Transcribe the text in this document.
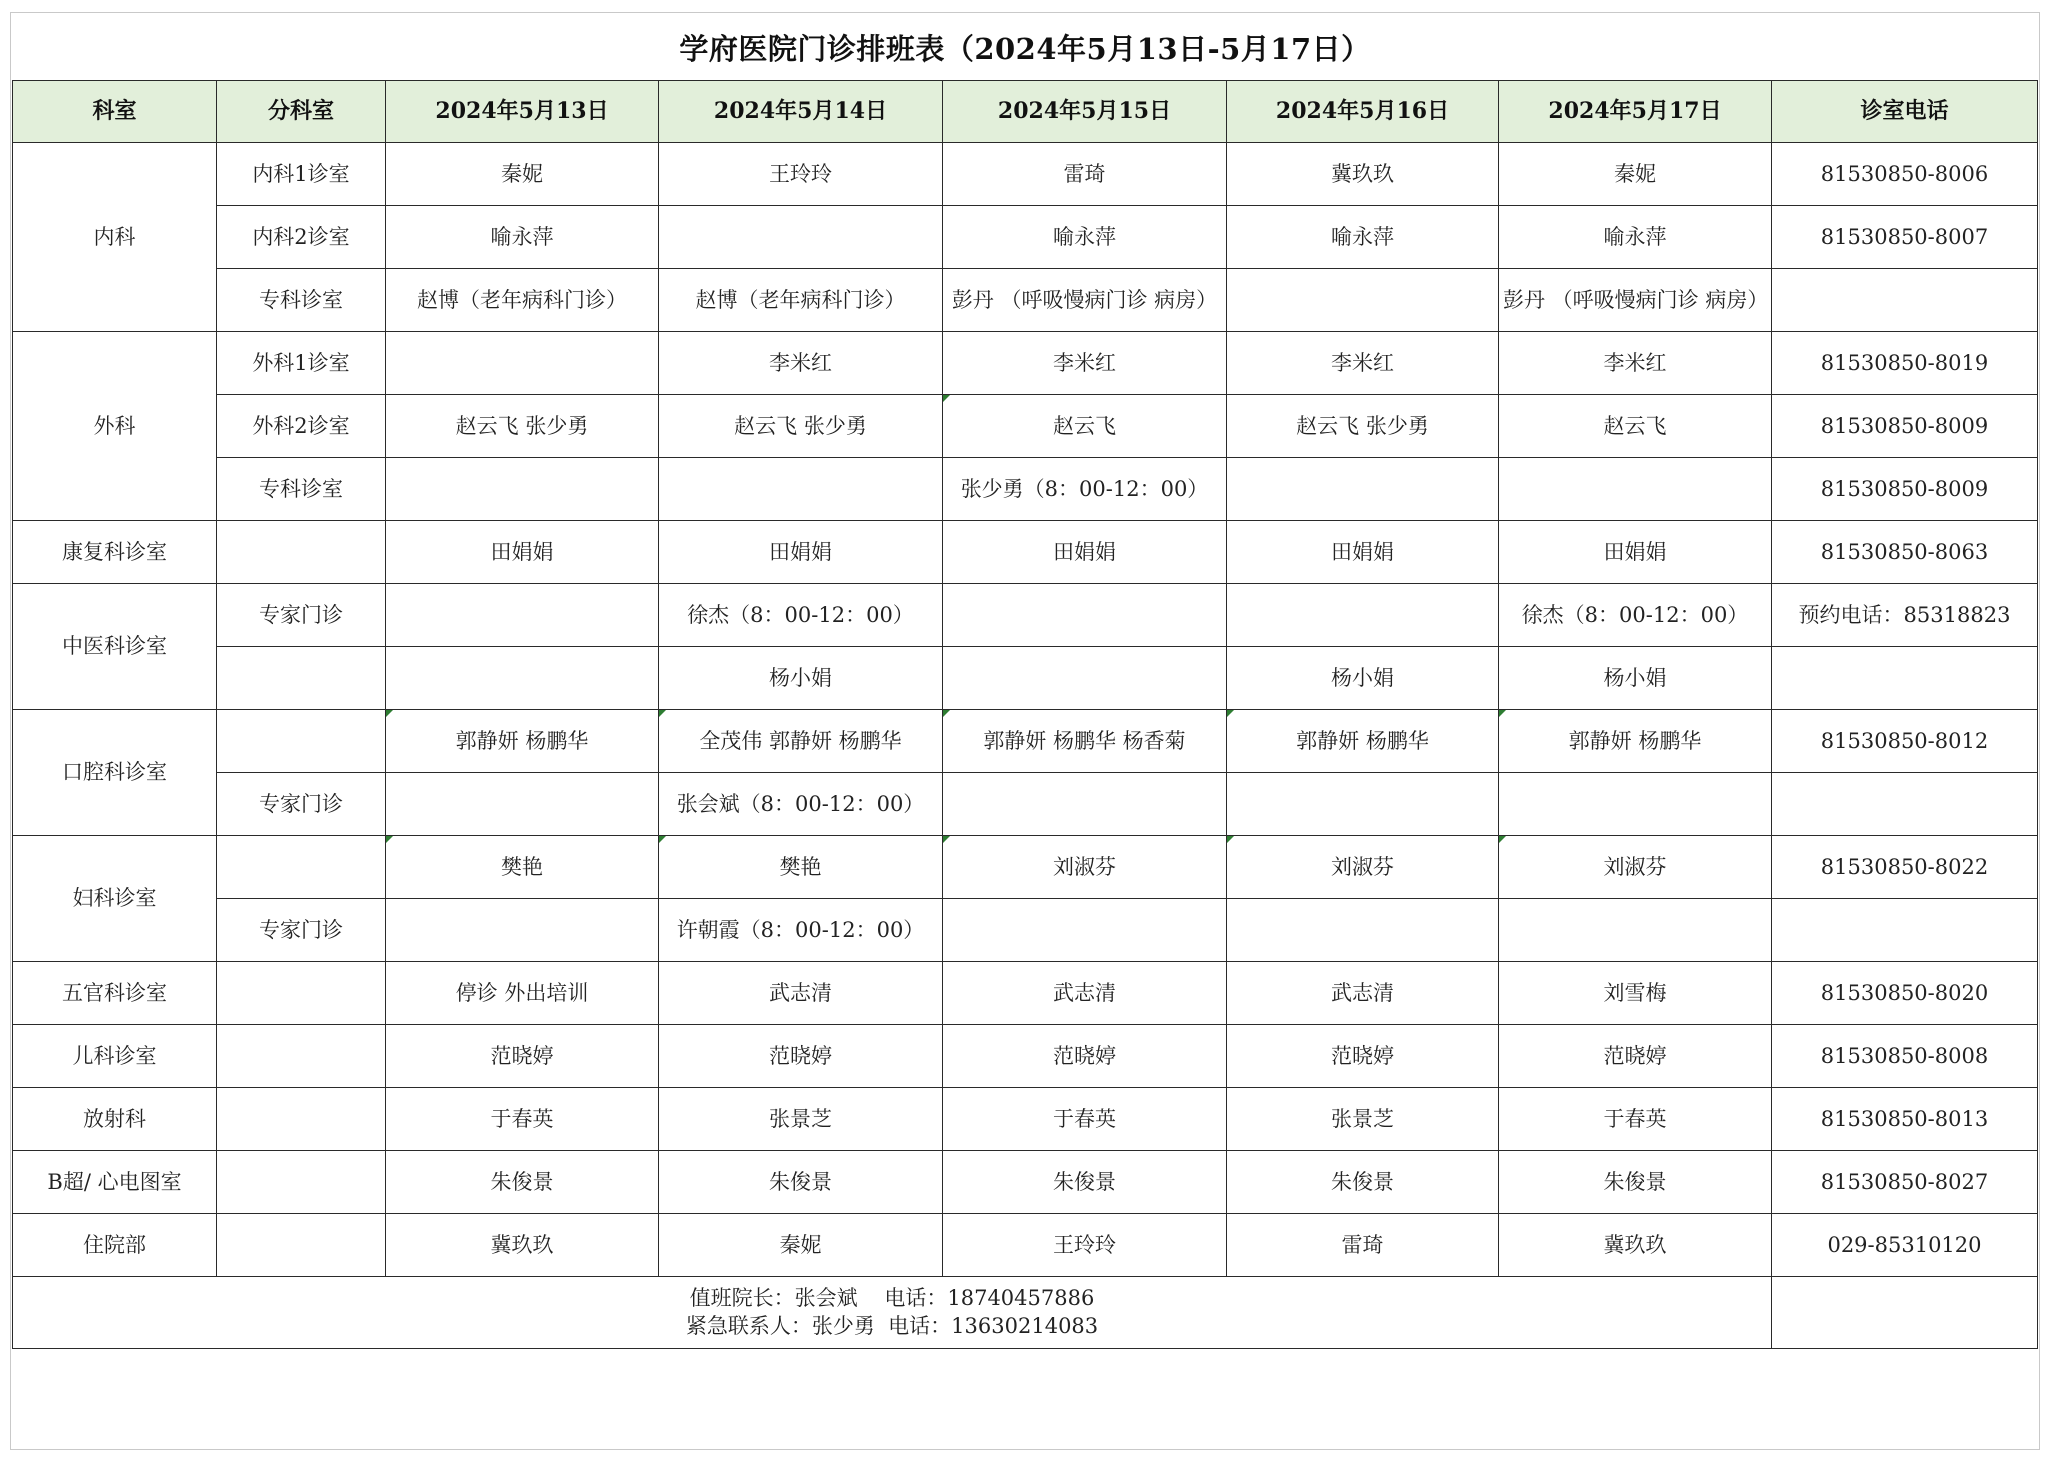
学府医院门诊排班表（2024年5月13日-5月17日）
科室	分科室	2024年5月13日	2024年5月14日	2024年5月15日	2024年5月16日	2024年5月17日	诊室电话
内科	内科1诊室	秦妮	王玲玲	雷琦	冀玖玖	秦妮	81530850-8006
	内科2诊室	喻永萍		喻永萍	喻永萍	喻永萍	81530850-8007
	专科诊室	赵博（老年病科门诊）	赵博（老年病科门诊）	彭丹 （呼吸慢病门诊 病房）		彭丹 （呼吸慢病门诊 病房）	
外科	外科1诊室		李米红	李米红	李米红	李米红	81530850-8019
	外科2诊室	赵云飞 张少勇	赵云飞 张少勇	赵云飞	赵云飞 张少勇	赵云飞	81530850-8009
	专科诊室			张少勇（8：00-12：00）			81530850-8009
康复科诊室		田娟娟	田娟娟	田娟娟	田娟娟	田娟娟	81530850-8063
中医科诊室	专家门诊		徐杰（8：00-12：00）			徐杰（8：00-12：00）	预约电话：85318823
			杨小娟		杨小娟	杨小娟	
口腔科诊室		郭静妍 杨鹏华	全茂伟 郭静妍 杨鹏华	郭静妍 杨鹏华 杨香菊	郭静妍 杨鹏华	郭静妍 杨鹏华	81530850-8012
	专家门诊		张会斌（8：00-12：00）				
妇科诊室		樊艳	樊艳	刘淑芬	刘淑芬	刘淑芬	81530850-8022
	专家门诊		许朝霞（8：00-12：00）				
五官科诊室		停诊 外出培训	武志清	武志清	武志清	刘雪梅	81530850-8020
儿科诊室		范晓婷	范晓婷	范晓婷	范晓婷	范晓婷	81530850-8008
放射科		于春英	张景芝	于春英	张景芝	于春英	81530850-8013
B超/ 心电图室		朱俊景	朱俊景	朱俊景	朱俊景	朱俊景	81530850-8027
住院部		冀玖玖	秦妮	王玲玲	雷琦	冀玖玖	029-85310120

值班院长：张会斌    电话：18740457886
紧急联系人：张少勇  电话：13630214083							
